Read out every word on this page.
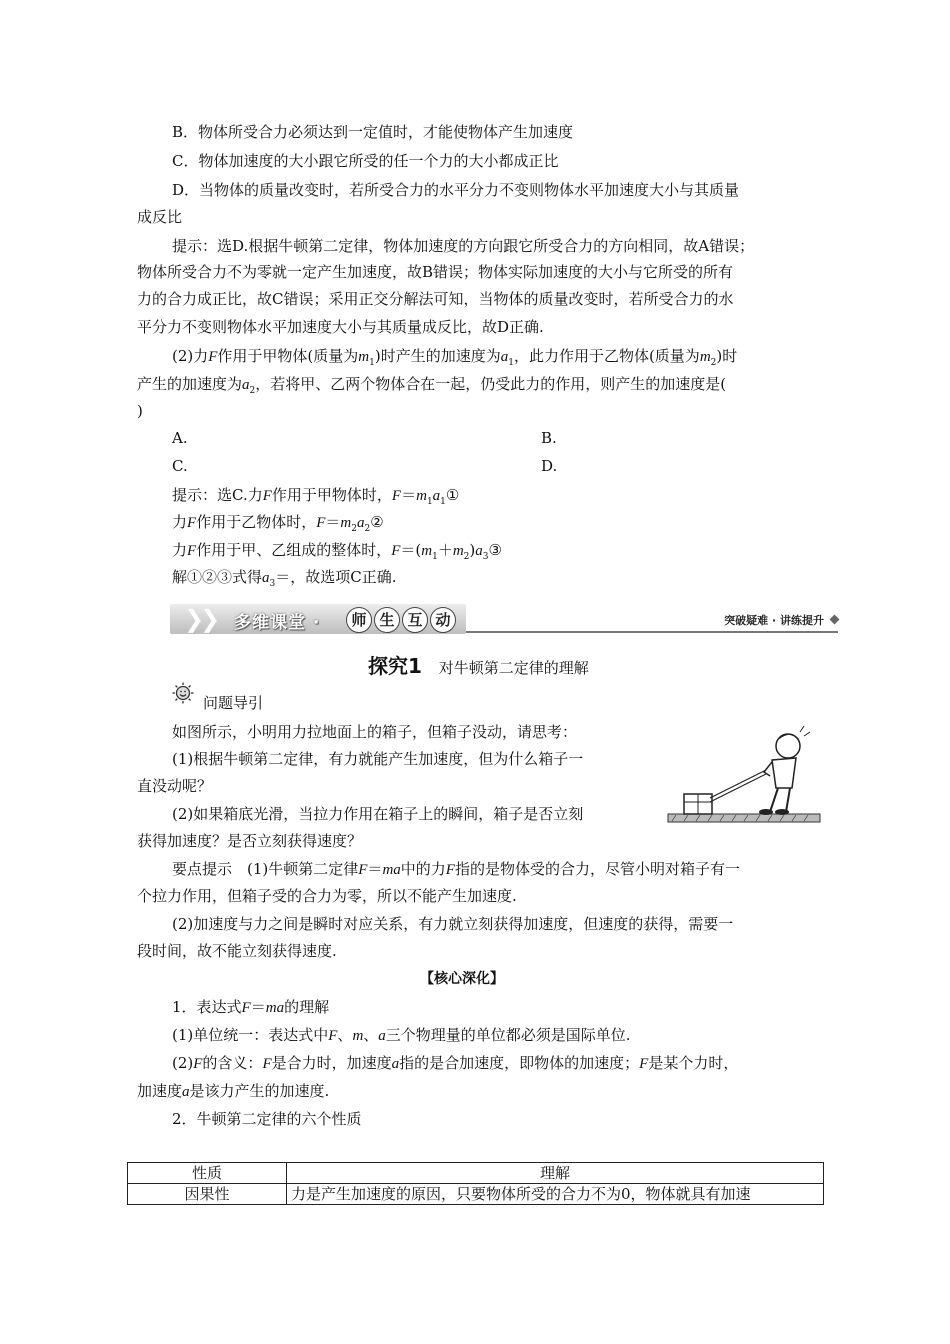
B．物体所受合力必须达到一定值时，才能使物体产生加速度
C．物体加速度的大小跟它所受的任一个力的大小都成正比
D．当物体的质量改变时，若所受合力的水平分力不变则物体水平加速度大小与其质量
成反比
提示：选D.根据牛顿第二定律，物体加速度的方向跟它所受合力的方向相同，故A错误；
物体所受合力不为零就一定产生加速度，故B错误；物体实际加速度的大小与它所受的所有
力的合力成正比，故C错误；采用正交分解法可知，当物体的质量改变时，若所受合力的水
平分力不变则物体水平加速度大小与其质量成反比，故D正确.
(2)力F作用于甲物体(质量为$m_1$)时产生的加速度为$a_1$，此力作用于乙物体(质量为$m_2$)时
产生的加速度为$a_2$，若将甲、乙两个物体合在一起，仍受此力的作用，则产生的加速度是(
)
A.	B.
C.	D.
提示：选C.力F作用于甲物体时，$F=m_1a_1①$
力F作用于乙物体时，$F=m_2a_2②$
力F作用于甲、乙组成的整体时，$F=(m_1+m_2)a_3③$
解①②③式得$a_3=$，故选项C正确.
❯
❯ 多维课堂 ·	师 生 互 动	突破疑难 · 讲练提升
探究1 对牛顿第二定律的理解
问题导引
如图所示，小明用力拉地面上的箱子，但箱子没动，请思考：
(1)根据牛顿第二定律，有力就能产生加速度，但为什么箱子一
直没动呢？
(2)如果箱底光滑，当拉力作用在箱子上的瞬间，箱子是否立刻
获得加速度？是否立刻获得速度？
要点提示　(1)牛顿第二定律F＝ma中的力F指的是物体受的合力，尽管小明对箱子有一
个拉力作用，但箱子受的合力为零，所以不能产生加速度.
(2)加速度与力之间是瞬时对应关系，有力就立刻获得加速度，但速度的获得，需要一
段时间，故不能立刻获得速度.
【核心深化】
1．表达式F＝ma的理解
(1)单位统一：表达式中F、m、a三个物理量的单位都必须是国际单位.
(2)F的含义：F是合力时，加速度a指的是合加速度，即物体的加速度；F是某个力时，
加速度a是该力产生的加速度.
2．牛顿第二定律的六个性质
性质	理解
因果性	力是产生加速度的原因，只要物体所受的合力不为0，物体就具有加速
